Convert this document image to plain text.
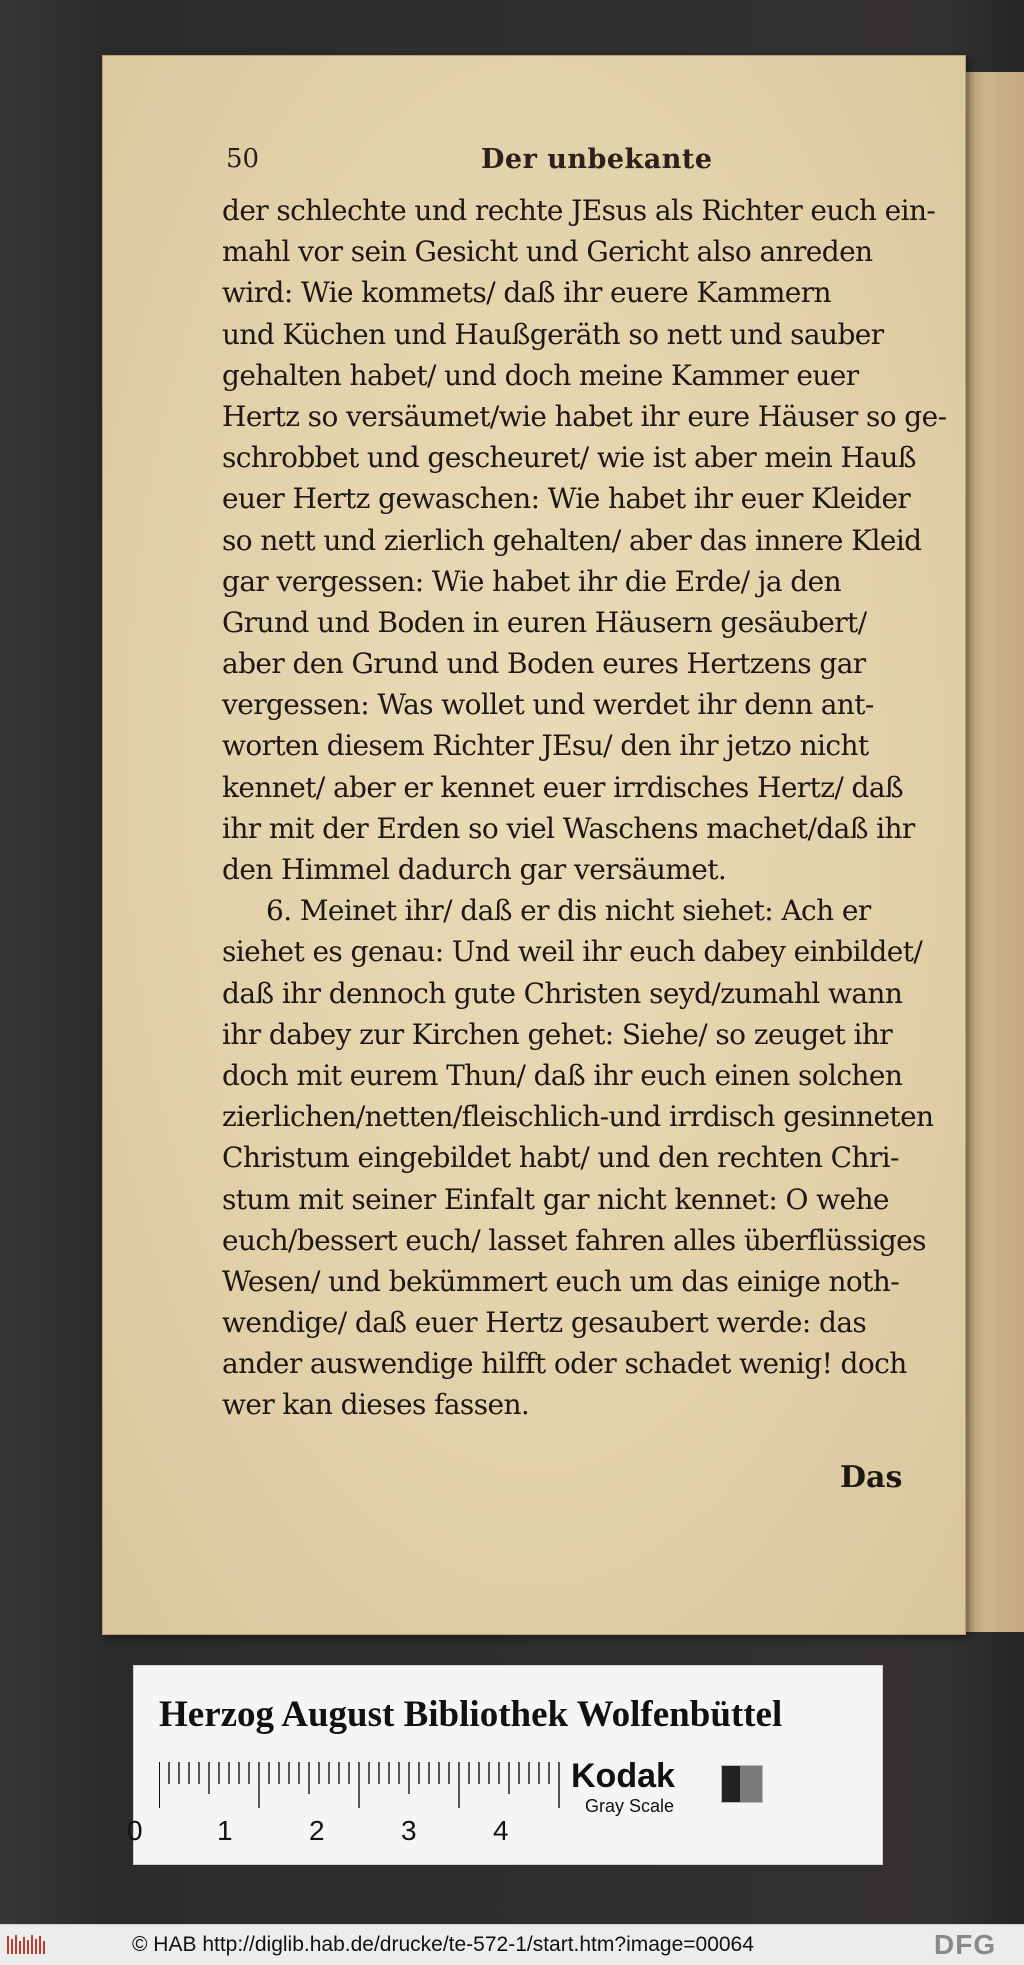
50	Der unbekante
der schlechte und rechte JEsus als Richter euch ein-
mahl vor sein Gesicht und Gericht also anreden
wird: Wie kommets/ daß ihr euere Kammern
und Küchen und Haußgeräth so nett und sauber
gehalten habet/ und doch meine Kammer euer
Hertz so versäumet/wie habet ihr eure Häuser so ge-
schrobbet und gescheuret/ wie ist aber mein Hauß
euer Hertz gewaschen: Wie habet ihr euer Kleider
so nett und zierlich gehalten/ aber das innere Kleid
gar vergessen: Wie habet ihr die Erde/ ja den
Grund und Boden in euren Häusern gesäubert/
aber den Grund und Boden eures Hertzens gar
vergessen: Was wollet und werdet ihr denn ant-
worten diesem Richter JEsu/ den ihr jetzo nicht
kennet/ aber er kennet euer irrdisches Hertz/ daß
ihr mit der Erden so viel Waschens machet/daß ihr
den Himmel dadurch gar versäumet.
6. Meinet ihr/ daß er dis nicht siehet: Ach er
siehet es genau: Und weil ihr euch dabey einbildet/
daß ihr dennoch gute Christen seyd/zumahl wann
ihr dabey zur Kirchen gehet: Siehe/ so zeuget ihr
doch mit eurem Thun/ daß ihr euch einen solchen
zierlichen/netten/fleischlich-und irrdisch gesinneten
Christum eingebildet habt/ und den rechten Chri-
stum mit seiner Einfalt gar nicht kennet: O wehe
euch/bessert euch/ lasset fahren alles überflüssiges
Wesen/ und bekümmert euch um das einige noth-
wendige/ daß euer Hertz gesaubert werde: das
ander auswendige hilfft oder schadet wenig! doch
wer kan dieses fassen.
Das
Herzog August Bibliothek Wolfenbüttel
0	1	2	3	4
Kodak
Gray Scale
© HAB http://diglib.hab.de/drucke/te-572-1/start.htm?image=00064	DFG
